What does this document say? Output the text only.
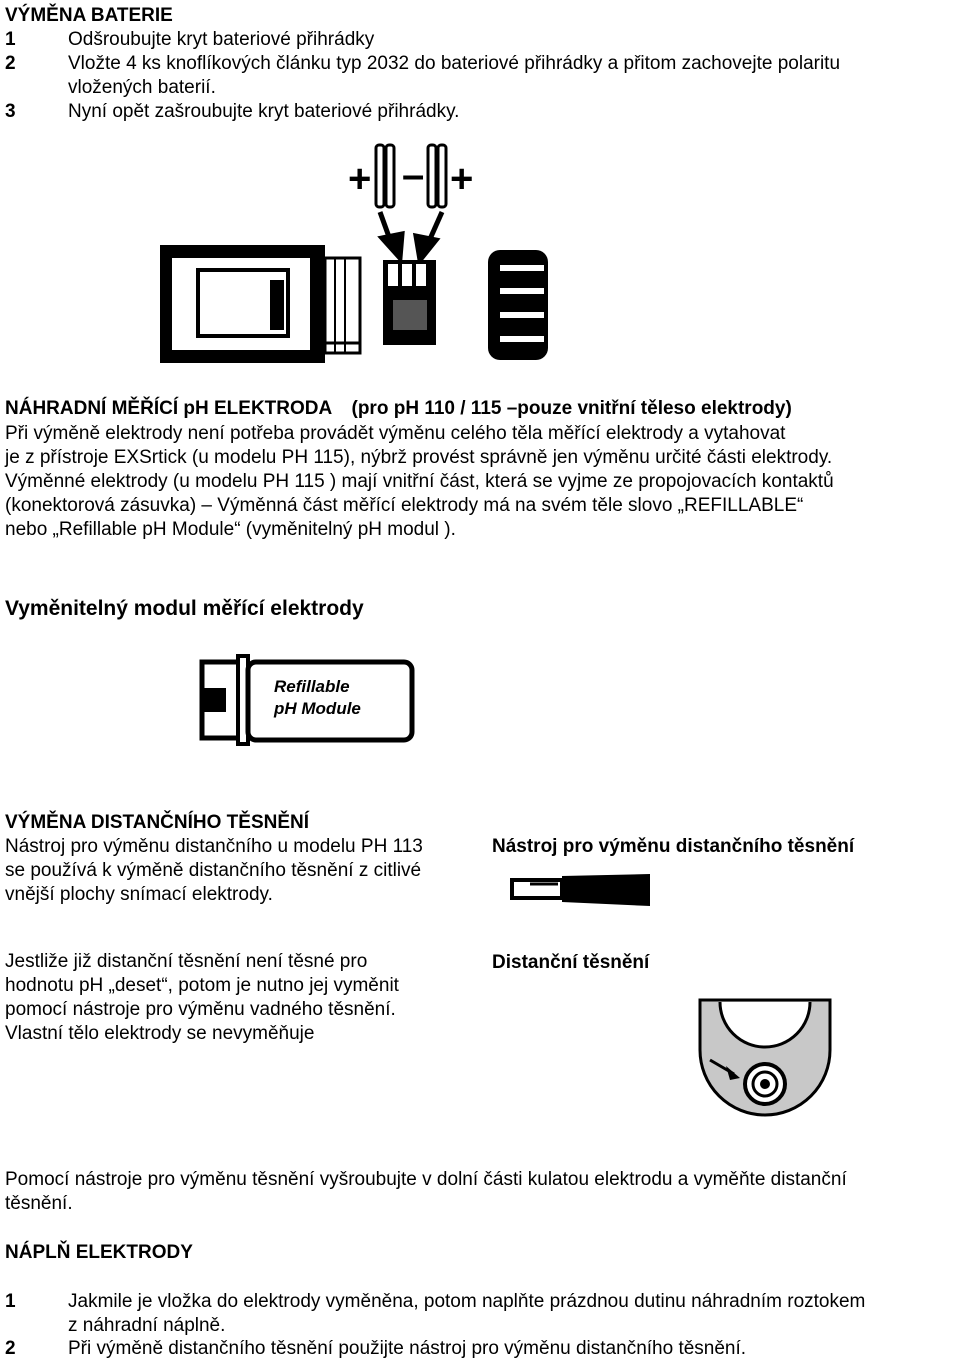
VÝMĚNA BATERIE
1	Odšroubujte kryt bateriové přihrádky
2	Vložte 4 ks knoflíkových článku typ 2032 do bateriové přihrádky a přitom zachovejte polaritu
vložených baterií.
3	Nyní opět zašroubujte kryt bateriové přihrádky.
+ – +
NÁHRADNÍ MĚŘÍCÍ pH ELEKTRODA (pro pH 110 / 115 –pouze vnitřní těleso elektrody)
Při výměně elektrody není potřeba provádět výměnu celého těla měřící elektrody a vytahovat
je z přístroje EXSrtick (u modelu PH 115), nýbrž provést správně jen výměnu určité části elektrody.
Výměnné elektrody (u modelu PH 115 ) mají vnitřní část, která se vyjme ze propojovacích kontaktů
(konektorová zásuvka) – Výměnná část měřící elektrody má na svém těle slovo „REFILLABLE“
nebo „Refillable pH Module“ (vyměnitelný pH modul ).
Vyměnitelný modul měřící elektrody
Refillable
pH Module
VÝMĚNA DISTANČNÍHO TĚSNĚNÍ
Nástroj pro výměnu distančního u modelu PH 113
se používá k výměně distančního těsnění z citlivé
vnější plochy snímací elektrody.
Nástroj pro výměnu distančního těsnění
Jestliže již distanční těsnění není těsné pro
hodnotu pH „deset“, potom je nutno jej vyměnit
pomocí nástroje pro výměnu vadného těsnění.
Vlastní tělo elektrody se nevyměňuje
Distanční těsnění
Pomocí nástroje pro výměnu těsnění vyšroubujte v dolní části kulatou elektrodu a vyměňte distanční
těsnění.
NÁPLŇ ELEKTRODY
1	Jakmile je vložka do elektrody vyměněna, potom naplňte prázdnou dutinu náhradním roztokem
z náhradní náplně.
2	Při výměně distančního těsnění použijte nástroj pro výměnu distančního těsnění.
